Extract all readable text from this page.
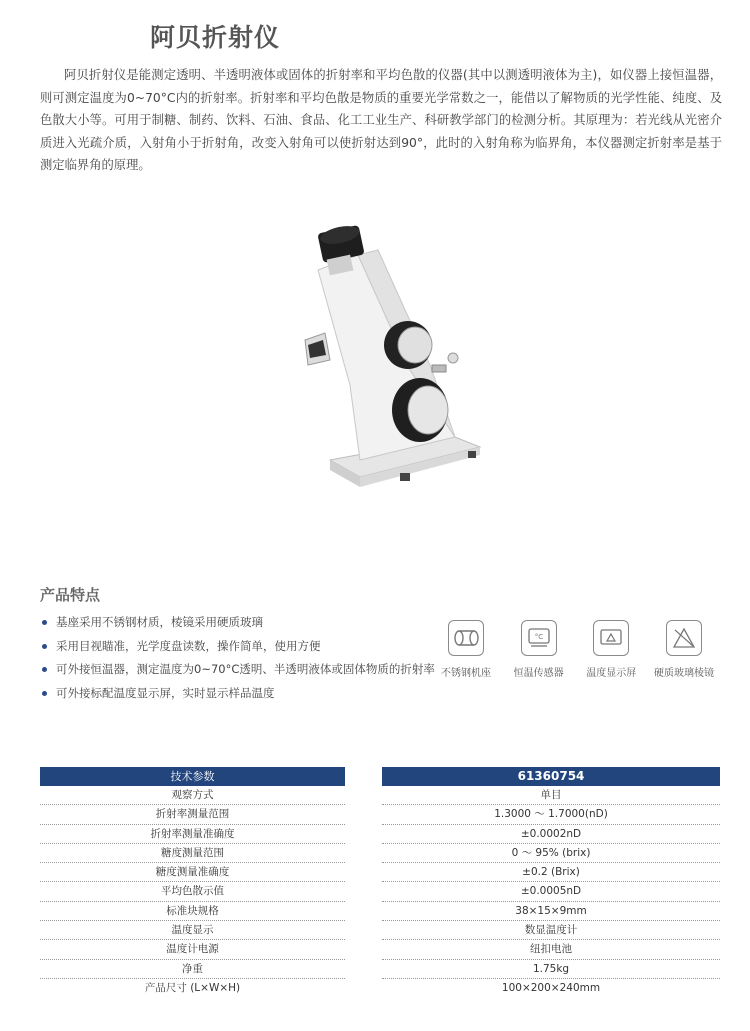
阿贝折射仪

阿贝折射仪是能测定透明、半透明液体或固体的折射率和平均色散的仪器(其中以测透明液体为主)，如仪器上接恒温器，则可测定温度为0~70°C内的折射率。折射率和平均色散是物质的重要光学常数之一，能借以了解物质的光学性能、纯度、及色散大小等。可用于制糖、制药、饮料、石油、食品、化工工业生产、科研教学部门的检测分析。其原理为：若光线从光密介质进入光疏介质，入射角小于折射角，改变入射角可以使折射达到90°，此时的入射角称为临界角，本仪器测定折射率是基于测定临界角的原理。

产品特点
基座采用不锈钢材质，棱镜采用硬质玻璃
采用目视瞄准，光学度盘读数，操作简单，使用方便
可外接恒温器，测定温度为0~70°C透明、半透明液体或固体物质的折射率
可外接标配温度显示屏，实时显示样品温度
不锈钢机座
°C
恒温传感器 温度显示屏 硬质玻璃棱镜
技术参数
观察方式
折射率测量范围
折射率测量准确度
糖度测量范围
糖度测量准确度
平均色散示值
标准块规格
温度显示
温度计电源
净重
产品尺寸 (L×W×H)
61360754
单目
1.3000 ～ 1.7000(nD)
±0.0002nD
0 ～ 95% (brix)
±0.2 (Brix)
±0.0005nD
38×15×9mm
数显温度计
纽扣电池
1.75kg
100×200×240mm
